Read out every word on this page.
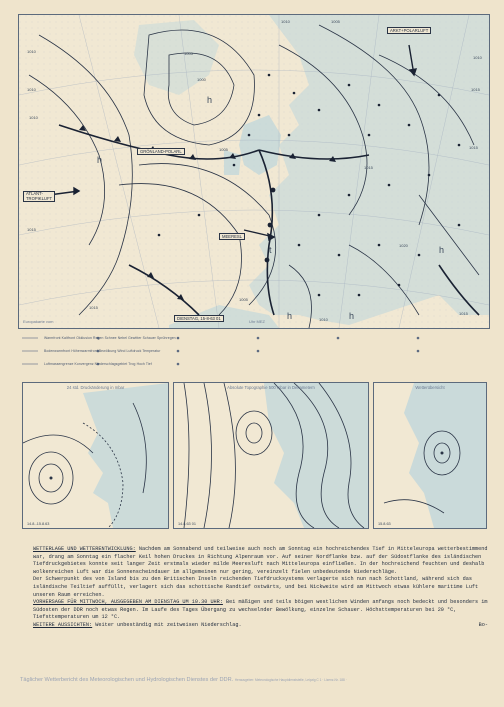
1010	1005
1010
1015
1010	1005
1000
1005
1010
1015
1015
1010
1005
1020
1015
1015
1010
1015
h
h
t	h
h	h
GRÖNLAND-POLARL
ATLANT-
TROPIKLUFT
ARKT+POLARLUFT
MEERESL
DIENSTAG, 15-8-63 01
Europakarte vom	Uhr MEZ
Warmfront Kaltfront Okklusion Regen Schnee Nebel Gewitter Schauer Sprühregen
Bodenwarmfront Höhenwarmfront Bewölkung Wind Luftdruck Temperatur
Luftmassengrenze Konvergenz Niederschlagsgebiet Trog Hoch Tief
24 std. Druckänderung in mbar
14.8.-15.8.63
Absolute Topographie 500 mbar in Dekametern
14.8.63 01
Wetterübersicht
15.8.63

WETTERLAGE UND WETTERENTWICKLUNG: Nachdem am Sonnabend und teilweise auch noch am Sonntag ein hochreichendes Tief in Mitteleuropa wetterbestimmend war, drang am Sonntag ein flacher Keil hohen Druckes in Richtung Alpenraum vor. Auf seiner Nordflanke bzw. auf der Südostflanke des isländischen Tiefdruckgebietes konnte seit langer Zeit erstmals wieder milde Meeresluft nach Mitteleuropa einfließen. In der hochreichend feuchten und deshalb wolkenreichen Luft war die Sonnenscheindauer im allgemeinen nur gering, vereinzelt fielen unbedeutende Niederschläge.

Der Schwerpunkt des von Island bis zu den Britischen Inseln reichenden Tiefdrucksystems verlagerte sich nun nach Schottland, während sich das isländische Teiltief auffüllt, verlagert sich das schottische Randtief ostwärts, und bei Nickweite wird am Mittwoch etwas kühlere maritime Luft unseren Raum erreichen.

VORHERSAGE FÜR MITTWOCH, AUSGEGEBEN AM DIENSTAG UM 10.30 UHR: Bei mäßigen und teils böigen westlichen Winden anfangs noch bedeckt und besonders im Südosten der DDR noch etwas Regen. Im Laufe des Tages Übergang zu wechselnder Bewölkung, einzelne Schauer. Höchsttemperaturen bei 20 °C, Tiefsttemperaturen um 12 °C.

WEITERE AUSSICHTEN: Weiter unbeständig mit zeitweisen Niederschlag.	Bo-

Täglicher Wetterbericht des Meteorologischen und Hydrologischen Dienstes der DDR. Herausgeber: Meteorologische Hauptdienststelle, Leipzig C 1 · Lizenz-Nr. 188 ·
